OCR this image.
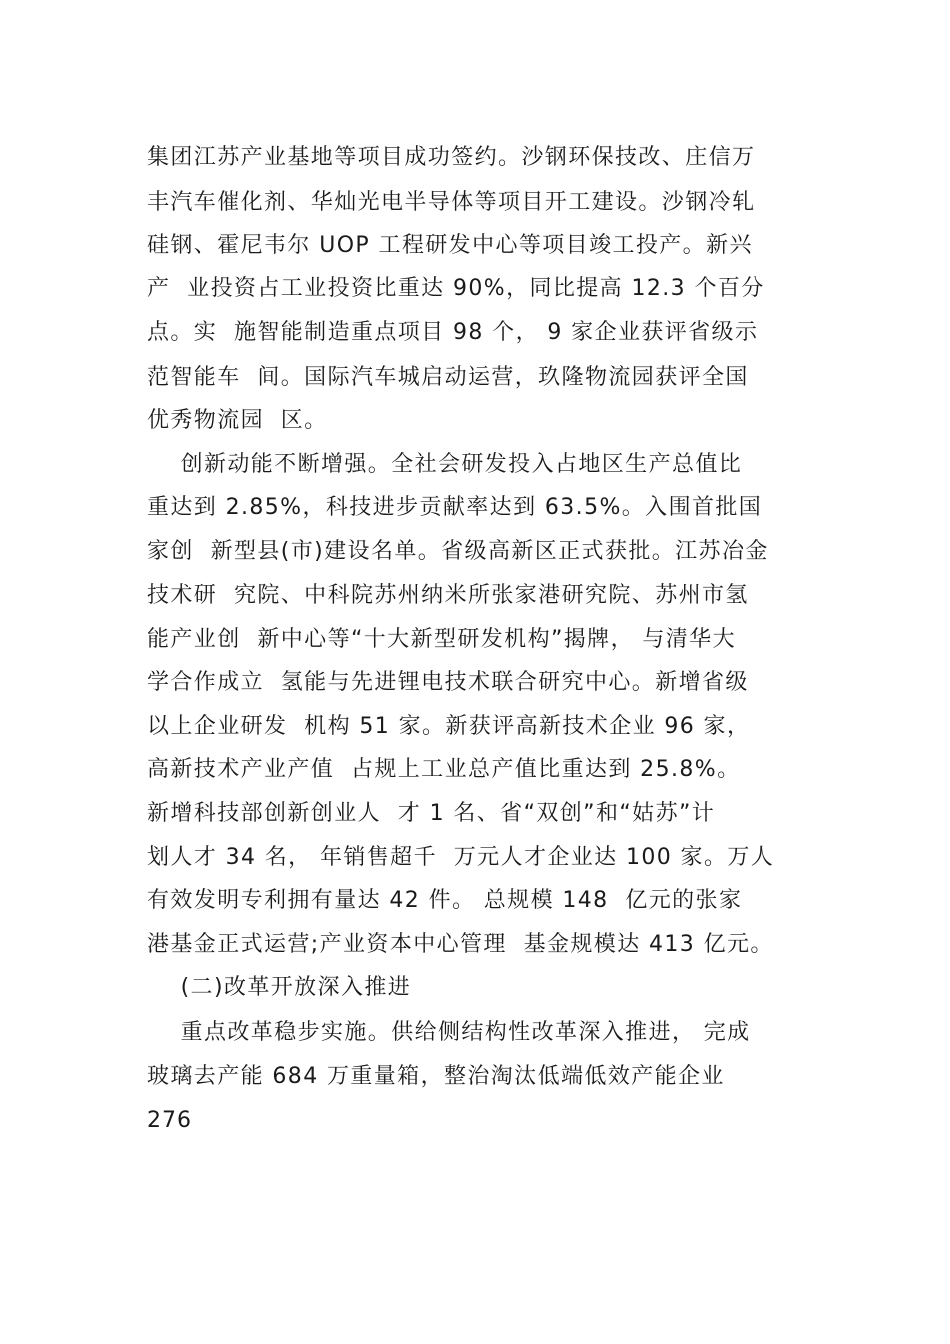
集团江苏产业基地等项目成功签约。沙钢环保技改、庄信万
丰汽车催化剂、华灿光电半导体等项目开工建设。沙钢冷轧
硅钢、霍尼韦尔 UOP 工程研发中心等项目竣工投产。新兴
产  业投资占工业投资比重达 90%，同比提高 12.3 个百分
点。实  施智能制造重点项目 98 个， 9 家企业获评省级示
范智能车  间。国际汽车城启动运营，玖隆物流园获评全国
优秀物流园  区。
创新动能不断增强。全社会研发投入占地区生产总值比
重达到 2.85%，科技进步贡献率达到 63.5%。入围首批国
家创  新型县(市)建设名单。省级高新区正式获批。江苏冶金
技术研  究院、中科院苏州纳米所张家港研究院、苏州市氢
能产业创  新中心等“十大新型研发机构”揭牌， 与清华大
学合作成立  氢能与先进锂电技术联合研究中心。新增省级
以上企业研发  机构 51 家。新获评高新技术企业 96 家，
高新技术产业产值  占规上工业总产值比重达到 25.8%。
新增科技部创新创业人  才 1 名、省“双创”和“姑苏”计
划人才 34 名， 年销售超千  万元人才企业达 100 家。万人
有效发明专利拥有量达 42 件。 总规模 148  亿元的张家
港基金正式运营;产业资本中心管理  基金规模达 413 亿元。
(二)改革开放深入推进
重点改革稳步实施。供给侧结构性改革深入推进， 完成
玻璃去产能 684 万重量箱，整治淘汰低端低效产能企业
276
